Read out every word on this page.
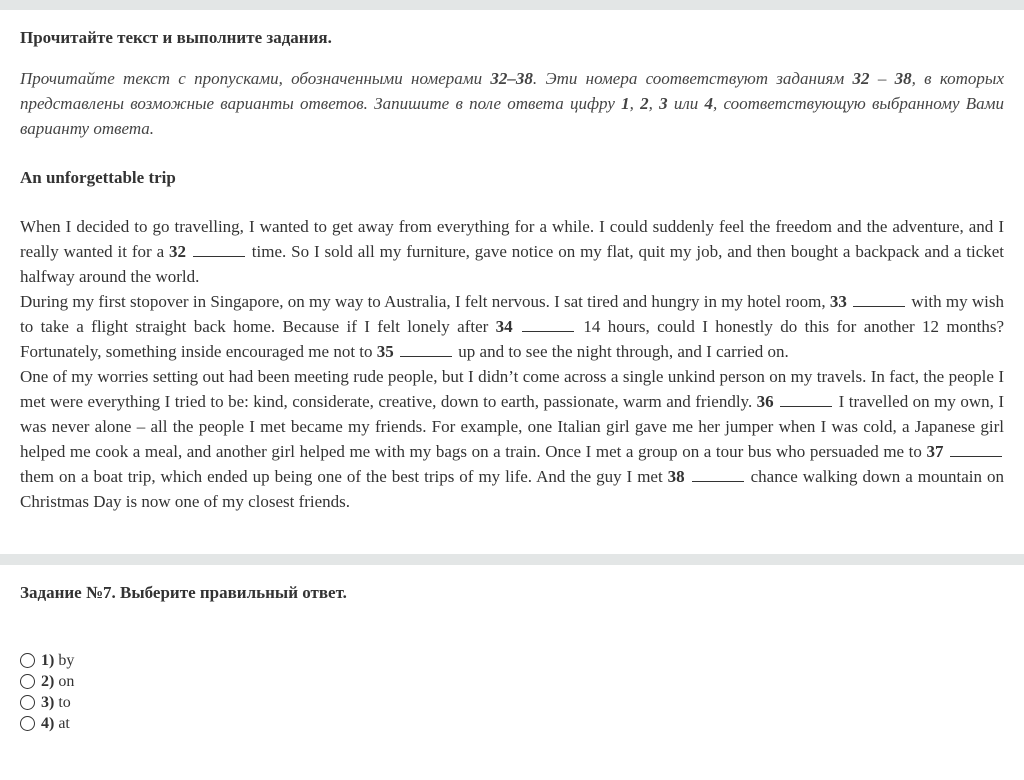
Прочитайте текст и выполните задания.
Прочитайте текст с пропусками, обозначенными номерами 32–38. Эти номера соответствуют заданиям 32 – 38, в которых представлены возможные варианты ответов. Запишите в поле ответа цифру 1, 2, 3 или 4, соответствующую выбранному Вами варианту ответа.
An unforgettable trip

When I decided to go travelling, I wanted to get away from everything for a while. I could suddenly feel the freedom and the adventure, and I really wanted it for a 32	time. So I sold all my furniture, gave notice on my flat, quit my job, and then bought a backpack and a ticket halfway around the world.

During my first stopover in Singapore, on my way to Australia, I felt nervous. I sat tired and hungry in my hotel room, 33	with my wish to take a flight straight back home. Because if I felt lonely after 34	14 hours, could I honestly do this for another 12 months? Fortunately, something inside encouraged me not to 35	up and to see the night through, and I carried on.

One of my worries setting out had been meeting rude people, but I didn’t come across a single unkind person on my travels. In fact, the people I met were everything I tried to be: kind, considerate, creative, down to earth, passionate, warm and friendly. 36	I travelled on my own, I was never alone – all the people I met became my friends. For example, one Italian girl gave me her jumper when I was cold, a Japanese girl helped me cook a meal, and another girl helped me with my bags on a train. Once I met a group on a tour bus who persuaded me to 37  them on a boat trip, which ended up being one of the best trips of my life. And the guy I met 38	chance walking down a mountain on Christmas Day is now one of my closest friends.

Задание №7. Выберите правильный ответ.
1) by
2) on
3) to
4) at
